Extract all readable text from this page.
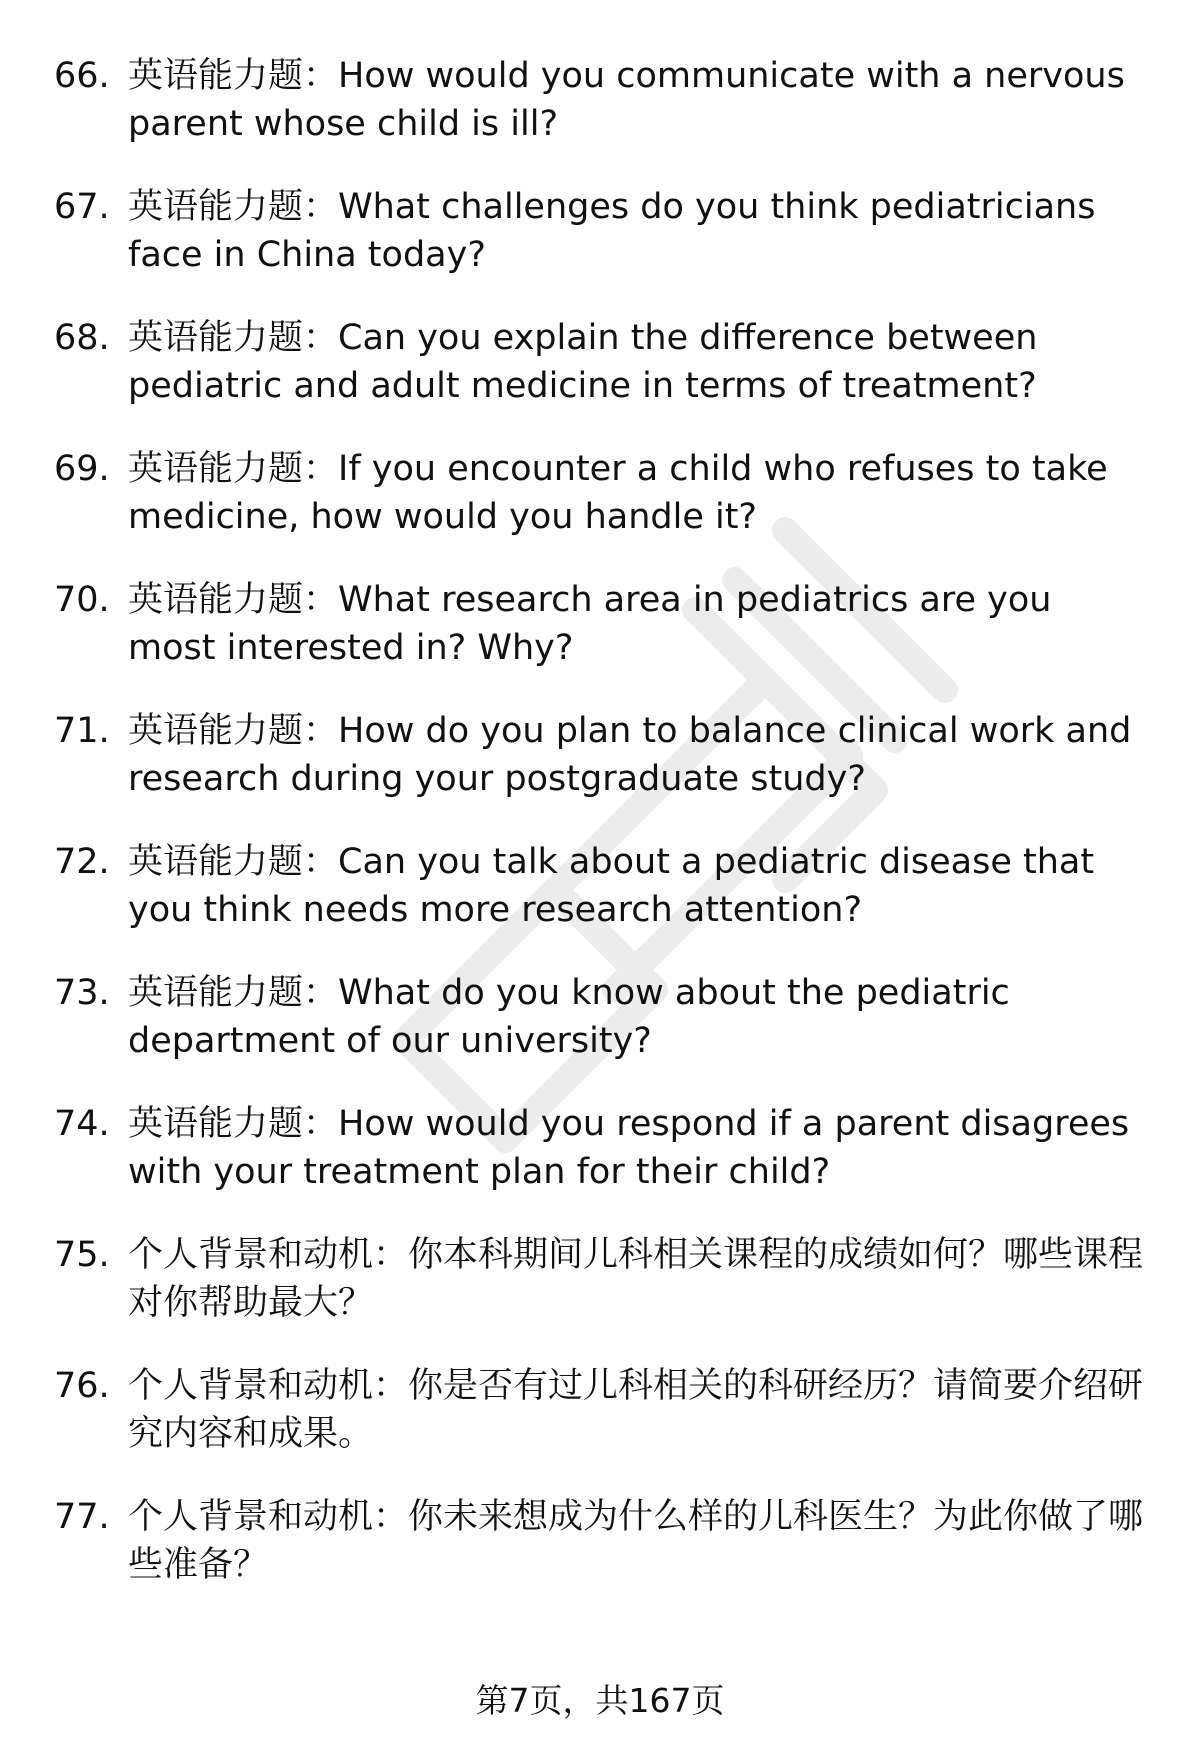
66. 英语能力题：How would you communicate with a nervous parent whose child is ill?
67. 英语能力题：What challenges do you think pediatricians face in China today?
68. 英语能力题：Can you explain the difference between pediatric and adult medicine in terms of treatment?
69. 英语能力题：If you encounter a child who refuses to take medicine, how would you handle it?
70. 英语能力题：What research area in pediatrics are you most interested in? Why?
71. 英语能力题：How do you plan to balance clinical work and research during your postgraduate study?
72. 英语能力题：Can you talk about a pediatric disease that you think needs more research attention?
73. 英语能力题：What do you know about the pediatric department of our university?
74. 英语能力题：How would you respond if a parent disagrees with your treatment plan for their child?
75. 个人背景和动机：你本科期间儿科相关课程的成绩如何？哪些课程对你帮助最大？
76. 个人背景和动机：你是否有过儿科相关的科研经历？请简要介绍研究内容和成果。
77. 个人背景和动机：你未来想成为什么样的儿科医生？为此你做了哪些准备？
第7页，共167页
